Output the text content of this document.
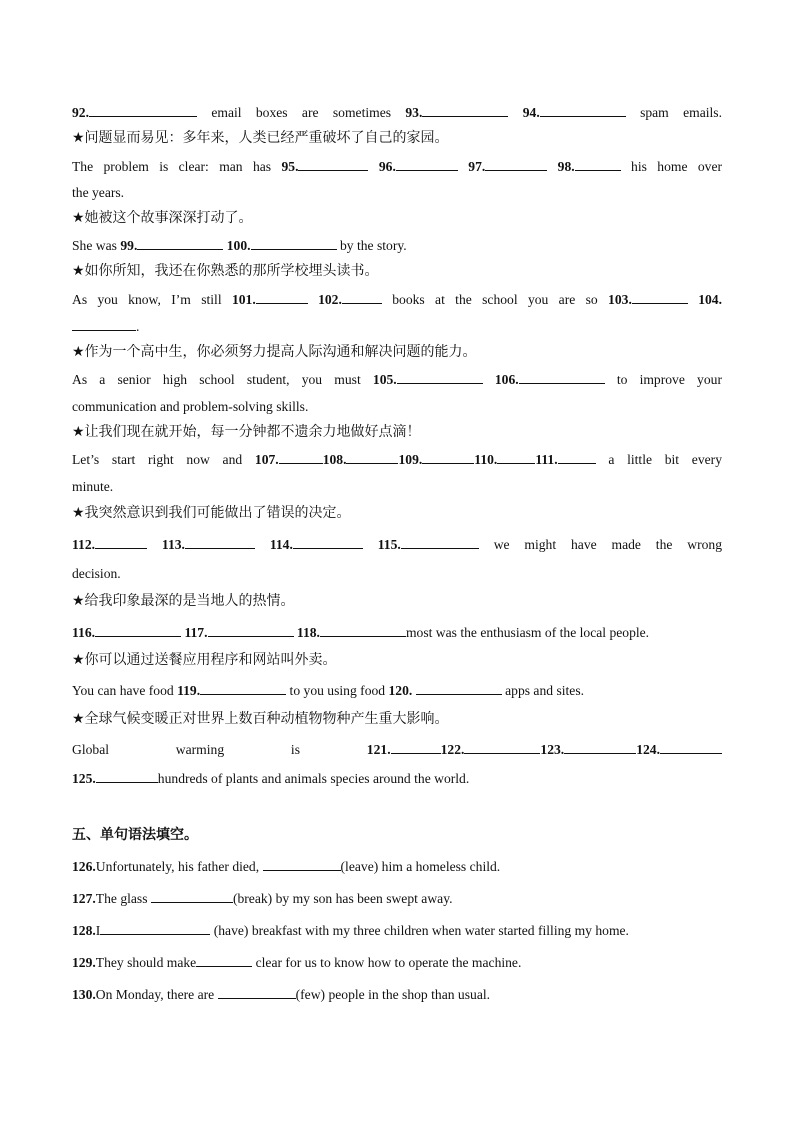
92.	email boxes are sometimes 93.	94.	spam emails.
★问题显而易见：多年来，人类已经严重破坏了自己的家园。
The problem is clear: man has 95.	96.	97.	98.	his home over
the years.
★她被这个故事深深打动了。
She was 99.	100.	by the story.
★如你所知，我还在你熟悉的那所学校埋头读书。
As you know, I’m still 101.	102.	books at the school you are so 103.	104.
.
★作为一个高中生，你必须努力提高人际沟通和解决问题的能力。
As a senior high school student, you must 105.	106.	to improve your
communication and problem-solving skills.
★让我们现在就开始，每一分钟都不遗余力地做好点滴！
Let’s start right now and 107.	108.	109.	110.	111.	a little bit every
minute.
★我突然意识到我们可能做出了错误的决定。
112.	113.	114.	115.	we might have made the wrong
decision.
★给我印象最深的是当地人的热情。
116.	117.	118.	most was the enthusiasm of the local people.
★你可以通过送餐应用程序和网站叫外卖。
You can have food 119.	to you using food 120.	apps and sites.
★全球气候变暖正对世界上数百种动植物物种产生重大影响。
Global	warming	is	121.	122.	123.	124.
125.	hundreds of plants and animals species around the world.
五、单句语法填空。
126.Unfortunately, his father died,	(leave) him a homeless child.
127.The glass	(break) by my son has been swept away.
128.I	(have) breakfast with my three children when water started filling my home.
129.They should make	clear for us to know how to operate the machine.
130.On Monday, there are	(few) people in the shop than usual.
